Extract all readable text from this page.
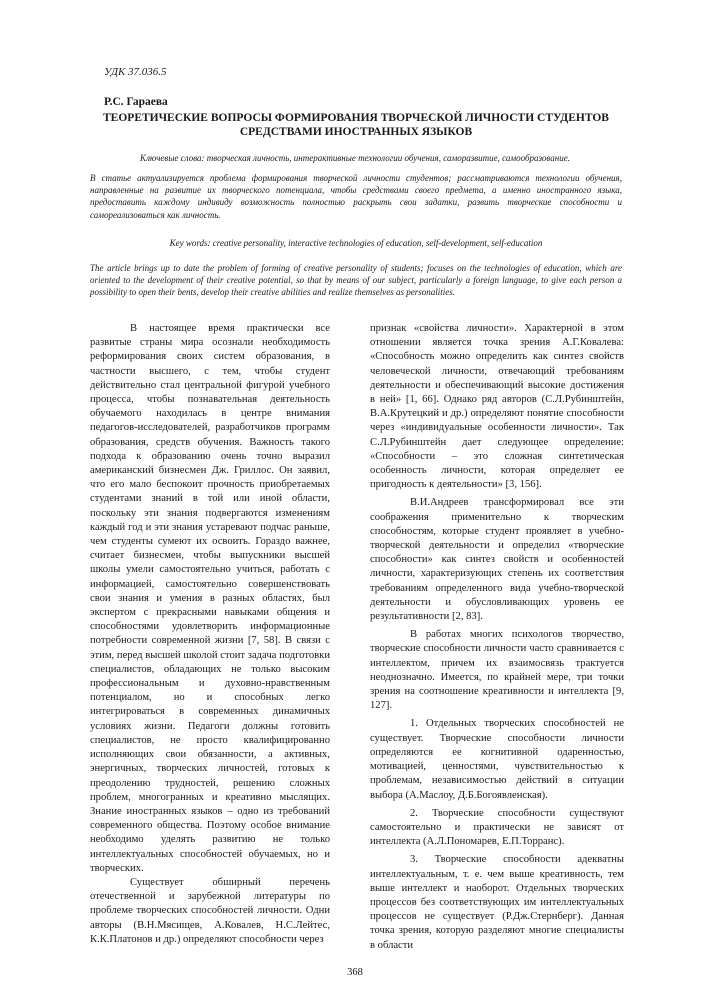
УДК 37.036.5
Р.С. Гараева
ТЕОРЕТИЧЕСКИЕ ВОПРОСЫ ФОРМИРОВАНИЯ ТВОРЧЕСКОЙ ЛИЧНОСТИ СТУДЕНТОВ СРЕДСТВАМИ ИНОСТРАННЫХ ЯЗЫКОВ
Ключевые слова: творческая личность, интерактивные технологии обучения, саморазвитие, самообразование.
В статье актуализируется проблема формирования творческой личности студентов; рассматриваются технологии обучения, направленные на развитие их творческого потенциала, чтобы средствами своего предмета, а именно иностранного языка, предоставить каждому индивиду возможность полностью раскрыть свои задатки, развить творческие способности и самореализоваться как личность.
Key words: creative personality, interactive technologies of education, self-development, self-education
The article brings up to date the problem of forming of creative personality of students; focuses on the technologies of education, which are oriented to the development of their creative potential, so that by means of our subject, particularly a foreign language, to give each person a possibility to open their bents, develop their creative abilities and realize themselves as personalities.

В настоящее время практически все развитые страны мира осознали необходимость реформирования своих систем образования, в частности высшего, с тем, чтобы студент действительно стал центральной фигурой учебного процесса, чтобы познавательная деятельность обучаемого находилась в центре внимания педагогов-исследователей, разработчиков программ образования, средств обучения. Важность такого подхода к образованию очень точно выразил американский бизнесмен Дж. Гриллос. Он заявил, что его мало беспокоит прочность приобретаемых студентами знаний в той или иной области, поскольку эти знания подвергаются изменениям каждый год и эти знания устаревают подчас раньше, чем студенты сумеют их освоить. Гораздо важнее, считает бизнесмен, чтобы выпускники высшей школы умели самостоятельно учиться, работать с информацией, самостоятельно совершенствовать свои знания и умения в разных областях, был экспертом с прекрасными навыками общения и способностями удовлетворить информационные потребности современной жизни [7, 58]. В связи с этим, перед высшей школой стоит задача подготовки специалистов, обладающих не только высоким профессиональным и духовно-нравственным потенциалом, но и способных легко интегрироваться в современных динамичных условиях жизни. Педагоги должны готовить специалистов, не просто квалифицированно исполняющих свои обязанности, а активных, энергичных, творческих личностей, готовых к преодолению трудностей, решению сложных проблем, многогранных и креативно мыслящих. Знание иностранных языков – одно из требований современного общества. Поэтому особое внимание необходимо уделять развитию не только интеллектуальных способностей обучаемых, но и творческих.

Существует обширный перечень отечественной и зарубежной литературы по проблеме творческих способностей личности. Одни авторы (В.Н.Мясищев, А.Ковалев, Н.С.Лейтес, К.К.Платонов и др.) определяют способности через

признак «свойства личности». Характерной в этом отношении является точка зрения А.Г.Ковалева: «Способность можно определить как синтез свойств человеческой личности, отвечающий требованиям деятельности и обеспечивающий высокие достижения в ней» [1, 66]. Однако ряд авторов (С.Л.Рубинштейн, В.А.Крутецкий и др.) определяют понятие способности через «индивидуальные особенности личности». Так С.Л.Рубинштейн дает следующее определение: «Способности – это сложная синтетическая особенность личности, которая определяет ее пригодность к деятельности» [3, 156].

В.И.Андреев трансформировал все эти соображения применительно к творческим способностям, которые студент проявляет в учебно-творческой деятельности и определил «творческие способности» как синтез свойств и особенностей личности, характеризующих степень их соответствия требованиям определенного вида учебно-творческой деятельности и обусловливающих уровень ее результативности [2, 83].

В работах многих психологов творчество, творческие способности личности часто сравнивается с интеллектом, причем их взаимосвязь трактуется неоднозначно. Имеется, по крайней мере, три точки зрения на соотношение креативности и интеллекта [9, 127].

1. Отдельных творческих способностей не существует. Творческие способности личности определяются ее когнитивной одаренностью, мотивацией, ценностями, чувствительностью к проблемам, независимостью действий в ситуации выбора (А.Маслоу, Д.Б.Богоявленская).

2. Творческие способности существуют самостоятельно и практически не зависят от интеллекта (А.Л.Пономарев, Е.П.Торранс).

3. Творческие способности адекватны интеллектуальным, т. е. чем выше креативность, тем выше интеллект и наоборот. Отдельных творческих процессов без соответствующих им интеллектуальных процессов не существует (Р.Дж.Стернберг). Данная точка зрения, которую разделяют многие специалисты в области

368
